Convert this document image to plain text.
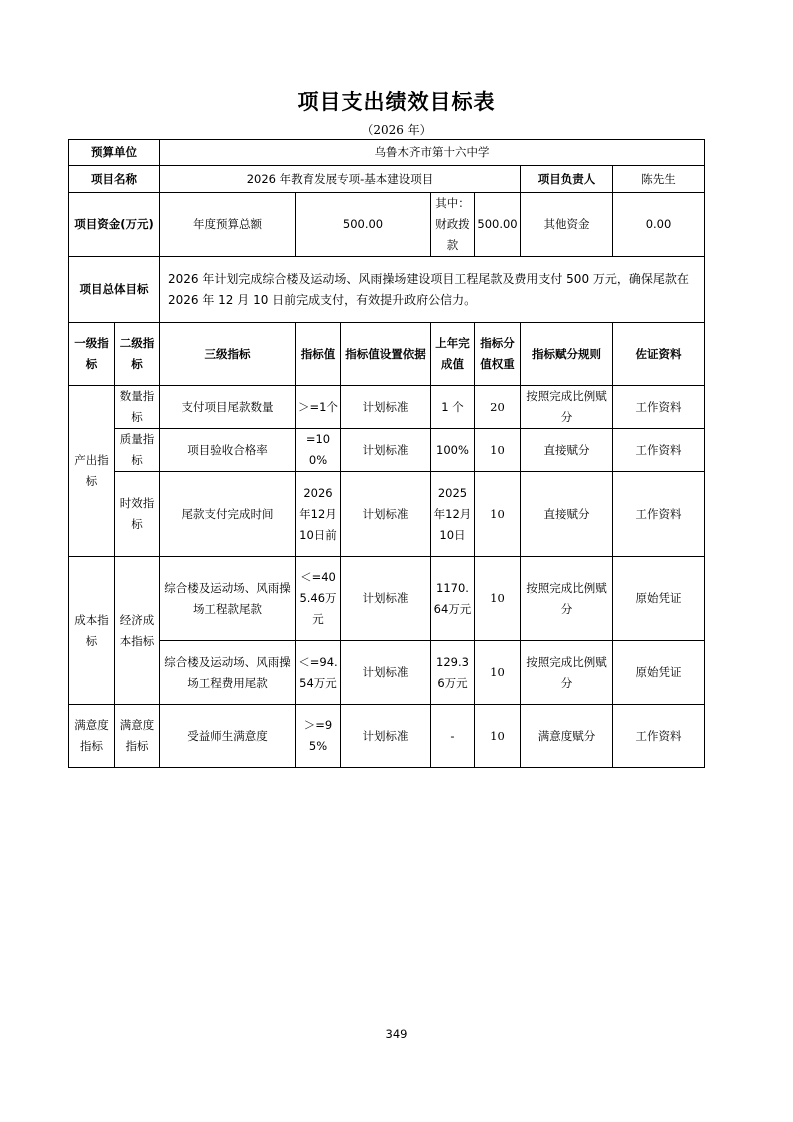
项目支出绩效目标表
（2026 年）
预算单位		乌鲁木齐市第十六中学						
项目名称		2026 年教育发展专项-基本建设项目					项目负责人	陈先生
项目资金(万元)		年度预算总额	500.00		其中：财政拨款	500.00	其他资金	0.00
项目总体目标		2026 年计划完成综合楼及运动场、风雨操场建设项目工程尾款及费用支付 500 万元，确保尾款在 2026 年 12 月 10 日前完成支付，有效提升政府公信力。						
一级指标	二级指标	三级指标	指标值	指标值设置依据	上年完成值	指标分值权重	指标赋分规则	佐证资料
产出指标	数量指标	支付项目尾款数量	＞=1个	计划标准	1 个	20	按照完成比例赋分	工作资料
	质量指标	项目验收合格率	=100%	计划标准	100%	10	直接赋分	工作资料
	时效指标	尾款支付完成时间	2026年12月10日前	计划标准	2025年12月10日	10	直接赋分	工作资料
成本指标	经济成本指标	综合楼及运动场、风雨操场工程款尾款	＜=405.46万元	计划标准	1170.64万元	10	按照完成比例赋分	原始凭证
		综合楼及运动场、风雨操场工程费用尾款	＜=94.54万元	计划标准	129.36万元	10	按照完成比例赋分	原始凭证
满意度指标	满意度指标	受益师生满意度	＞=95%	计划标准	-	10	满意度赋分	工作资料
349
